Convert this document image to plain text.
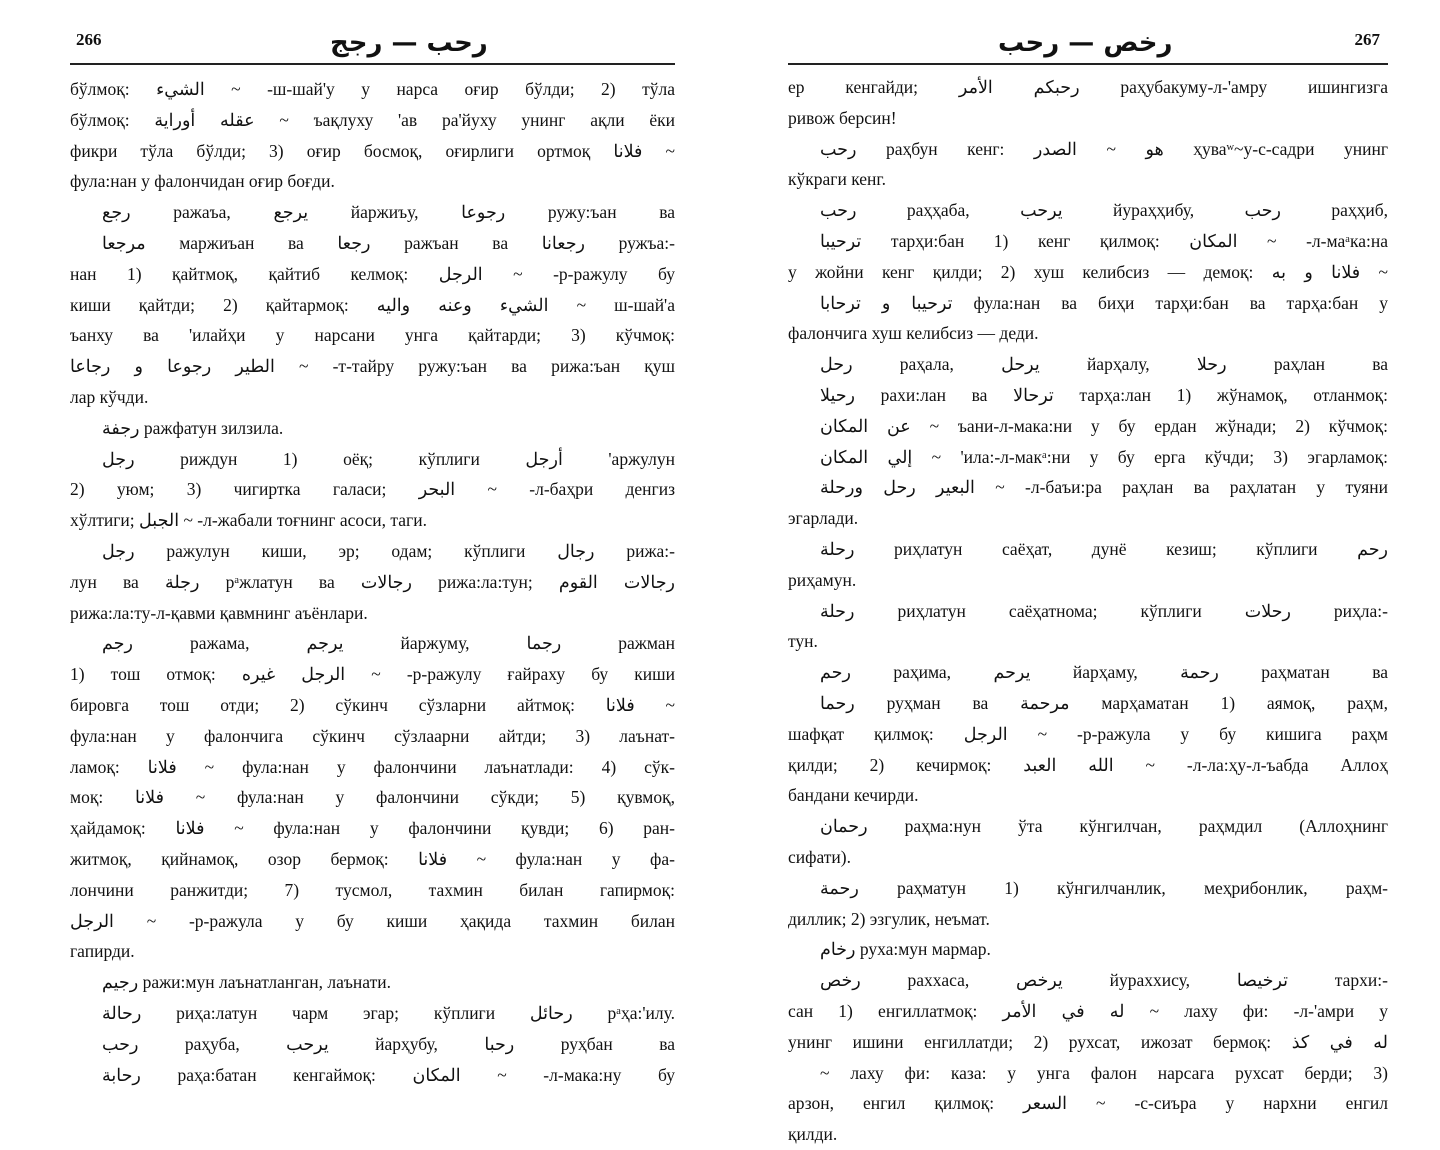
266	رحب — رجج
бўлмоқ: الشيء ~ -ш-шай'у у нарса оғир бўлди; 2) тўла
бўлмоқ: عقله أوراية ~ ъақлуху 'ав ра'йуху унинг ақли ёки
фикри тўла бўлди; 3) оғир босмоқ, оғирлиги ортмоқ فلانا ~
фула:нан у фалончидан оғир боғди.
رجع ражаъа, يرجع йаржиъу, رجوعا ружу:ъан ва
مرجعا маржиъан ва رجعا ражъан ва رجعانا ружъа:-
нан 1) қайтмоқ, қайтиб келмоқ: الرجل ~ -р-ражулу бу
киши қайтди; 2) қайтармоқ: الشيء وعنه واليه ~ ш-шай'а
ъанху ва 'илайҳи у нарсани унга қайтарди; 3) кўчмоқ:
الطير رجوعا و رجاعا ~ -т-тайру ружу:ъан ва рижа:ъан қуш
лар кўчди.
رجفة ражфатун зилзила.
رجل риждун 1) оёқ; кўплиги أرجل 'аржулун
2) уюм; 3) чигиртка галаси; البحر ~ -л-баҳри денгиз
хўлтиги; الجبل ~ -л-жабали тоғнинг асоси, таги.
رجل ражулун киши, эр; одам; кўплиги رجال рижа:-
лун ва رجلة рᵃжлатун ва رجالات рижа:ла:тун; رجالات القوم
рижа:ла:ту-л-қавми қавмнинг аъёнлари.
رجم ражама, يرجم йаржуму, رجما ражман
1) тош отмоқ: الرجل غيره ~ -р-ражулу ғайраху бу киши
бировга тош отди; 2) сўкинч сўзларни айтмоқ: فلانا ~
фула:нан у фалончига сўкинч сўзлаарни айтди; 3) лаънат-
ламоқ: فلانا ~ фула:нан у фалончини лаънатлади: 4) сўк-
моқ: فلانا ~ фула:нан у фалончини сўкди; 5) қувмоқ,
ҳайдамоқ: فلانا ~ фула:нан у фалончини қувди; 6) ран-
житмоқ, қийнамоқ, озор бермоқ: فلانا ~ фула:нан у фа-
лончини ранжитди; 7) тусмол, тахмин билан гапирмоқ:
الرجل ~ -р-ражула у бу киши ҳақида тахмин билан
гапирди.
رجيم ражи:мун лаънатланган, лаънати.
رحالة риҳа:латун чарм эгар; кўплиги رحائل рᵃҳа:'илу.
رحب раҳуба, يرحب йарҳубу, رحبا руҳбан ва
رحابة раҳа:батан кенгаймоқ: المكان ~ -л-мака:ну бу
267
رخص — رحب
ер кенгайди; رحبكم الأمر раҳубакуму-л-'амру ишингизга
ривож берсин!
رحب раҳбун кенг: هو ~ الصدر ҳуваʷ~у-с-садри унинг
кўкраги кенг.
رحب раҳҳаба, يرحب йураҳҳибу, رحب раҳҳиб,
ترحيبا тарҳи:бан 1) кенг қилмоқ: المكان ~ -л-маᵃка:на
у жойни кенг қилди; 2) хуш келибсиз — демоқ: فلانا و به ~
ترحيبا و ترحابا фула:нан ва биҳи тарҳи:бан ва тарҳа:бан у
фалончига хуш келибсиз — деди.
رحل раҳала, يرحل йарҳалу, رحلا раҳлан ва
رحيلا рахи:лан ва ترحالا тарҳа:лан 1) жўнамоқ, отланмоқ:
عن المكان ~ ъани-л-мака:ни у бу ердан жўнади; 2) кўчмоқ:
إلي المكان ~ 'ила:-л-макᵃ:ни у бу ерга кўчди; 3) эгарламоқ:
البعير رحل ورحلة ~ -л-баъи:ра раҳлан ва раҳлатан у туяни
эгарлади.
رحلة риҳлатун саёҳат, дунё кезиш; кўплиги رحم
риҳамун.
رحلة риҳлатун саёҳатнома; кўплиги رحلات риҳла:-
тун.
رحم раҳима, يرحم йарҳаму, رحمة раҳматан ва
رحما руҳман ва مرحمة марҳаматан 1) аямоқ, раҳм,
шафқат қилмоқ: الرجل ~ -р-ражула у бу кишига раҳм
қилди; 2) кечирмоқ: الله العبد ~ -л-ла:ҳу-л-ъабда Аллоҳ
бандани кечирди.
رحمان раҳма:нун ўта кўнгилчан, раҳмдил (Аллоҳнинг
сифати).
رحمة раҳматун 1) кўнгилчанлик, меҳрибонлик, раҳм-
диллик; 2) эзгулик, неъмат.
رخام руха:мун мармар.
رخص раххаса, يرخص йураххису, ترخيصا тархи:-
сан 1) енгиллатмоқ: له في الأمر ~ лаху фи: -л-'амри у
унинг ишини енгиллатди; 2) рухсат, ижозат бермоқ: له في كذ
~ лаху фи: каза: у унга фалон нарсага рухсат берди; 3)
арзон, енгил қилмоқ: السعر ~ -с-сиъра у нархни енгил
қилди.
